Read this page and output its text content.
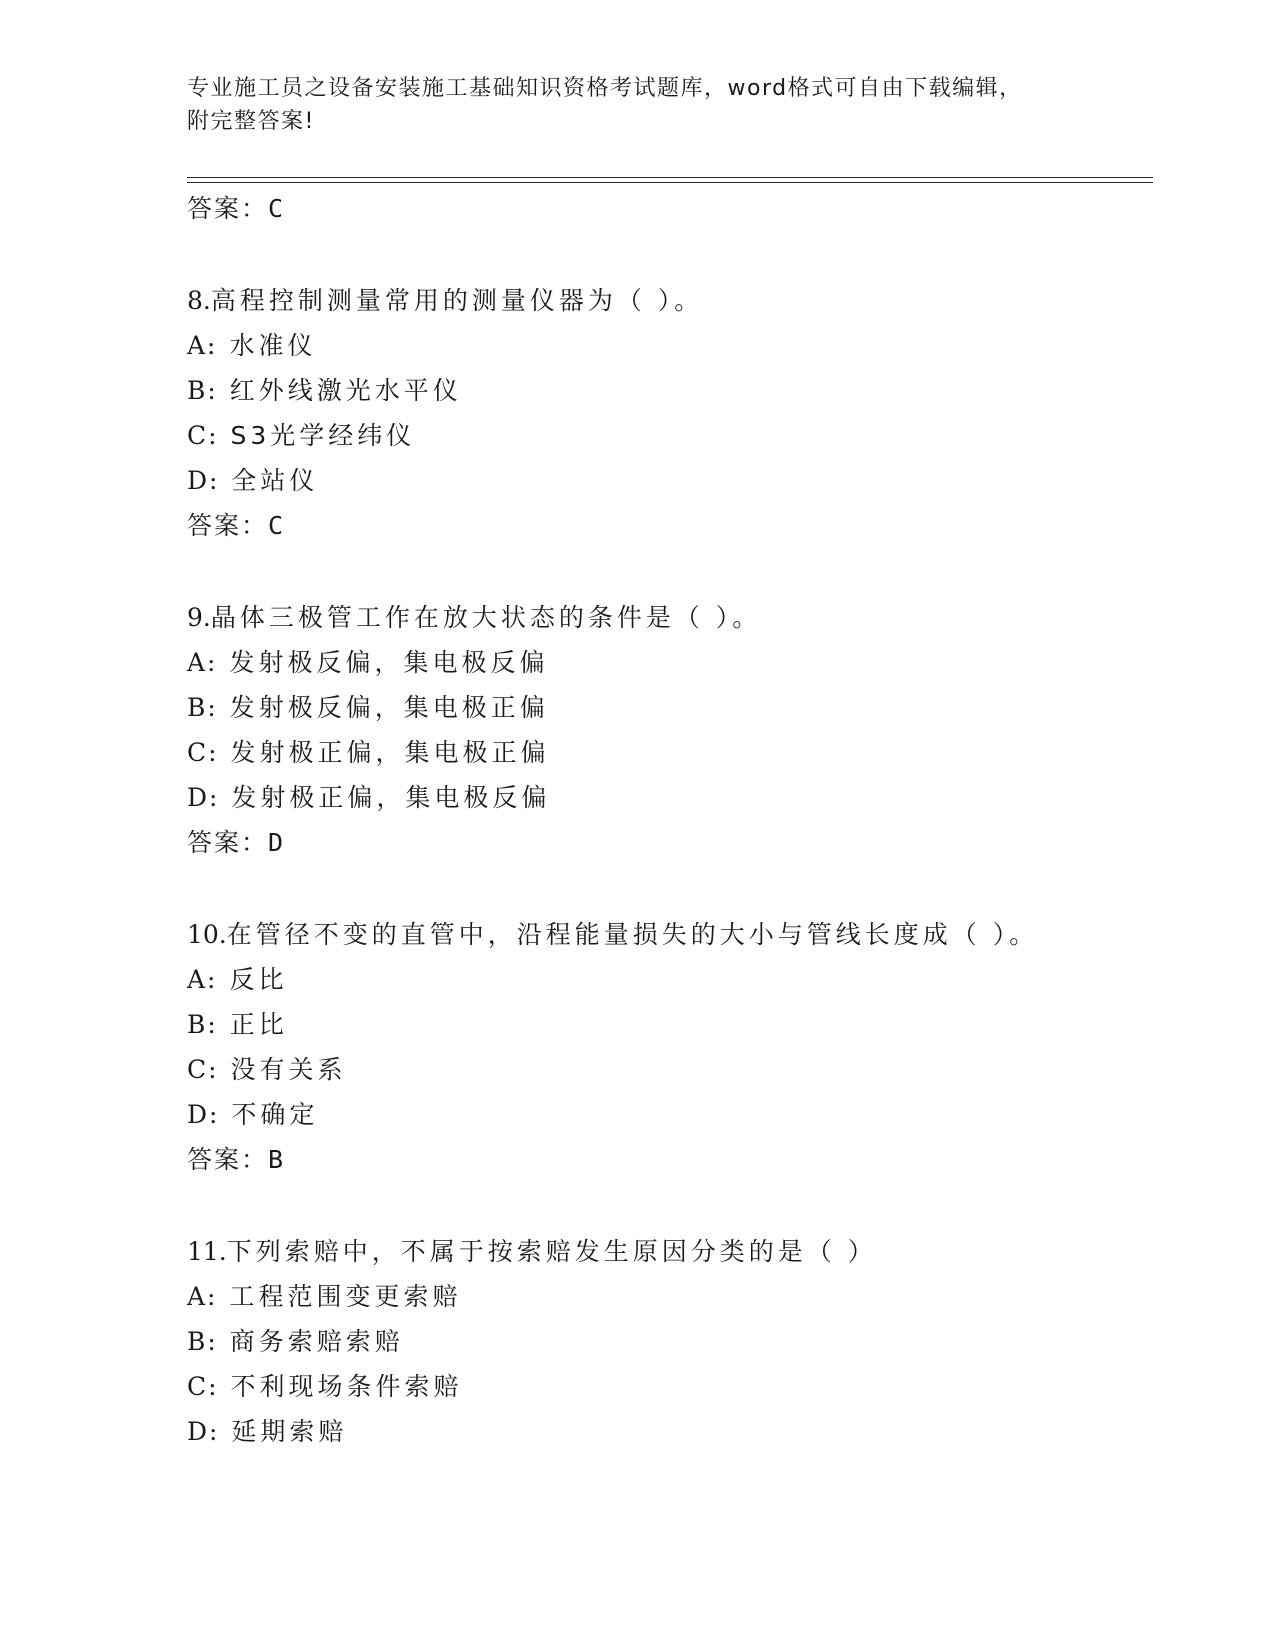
专业施工员之设备安装施工基础知识资格考试题库，word格式可自由下载编辑，
附完整答案!
答案：C
8.高程控制测量常用的测量仪器为（ ）。
A: 水准仪
B: 红外线激光水平仪
C: S3光学经纬仪
D: 全站仪
答案：C
9.晶体三极管工作在放大状态的条件是（ ）。
A: 发射极反偏，集电极反偏
B: 发射极反偏，集电极正偏
C: 发射极正偏，集电极正偏
D: 发射极正偏，集电极反偏
答案：D
10.在管径不变的直管中，沿程能量损失的大小与管线长度成（ ）。
A: 反比
B: 正比
C: 没有关系
D: 不确定
答案：B
11.下列索赔中，不属于按索赔发生原因分类的是（ ）
A: 工程范围变更索赔
B: 商务索赔索赔
C: 不利现场条件索赔
D: 延期索赔
